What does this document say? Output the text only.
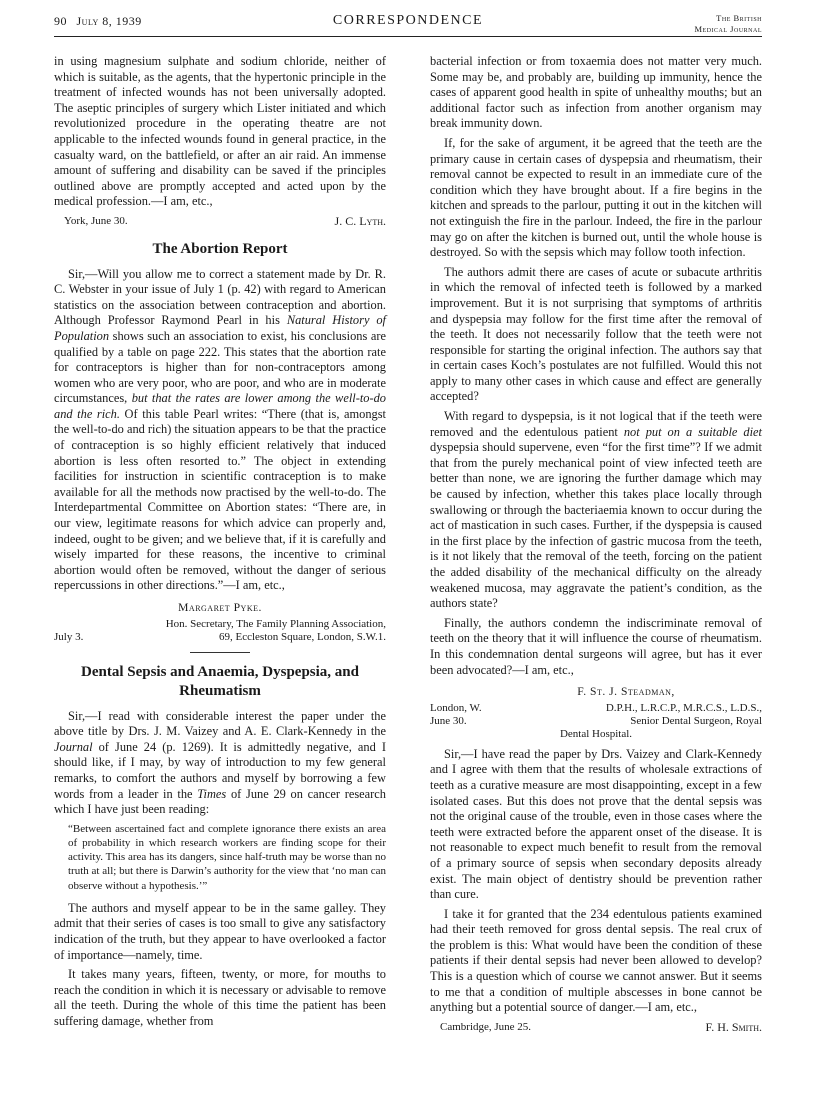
90 July 8, 1939	CORRESPONDENCE	The British
Medical Journal

in using magnesium sulphate and sodium chloride, neither of which is suitable, as the agents, that the hypertonic principle in the treatment of infected wounds has not been universally adopted. The aseptic principles of surgery which Lister initiated and which revolutionized procedure in the operating theatre are not applicable to the infected wounds found in general practice, in the casualty ward, on the battlefield, or after an air raid. An immense amount of suffering and disability can be saved if the principles outlined above are promptly accepted and acted upon by the medical profession.—I am, etc.,

York, June 30.	J. C. Lyth.
The Abortion Report

Sir,—Will you allow me to correct a statement made by Dr. R. C. Webster in your issue of July 1 (p. 42) with regard to American statistics on the association between contraception and abortion. Although Professor Raymond Pearl in his Natural History of Population shows such an association to exist, his conclusions are qualified by a table on page 222. This states that the abortion rate for contraceptors is higher than for non-contraceptors among women who are very poor, who are poor, and who are in moderate circumstances, but that the rates are lower among the well-to-do and the rich. Of this table Pearl writes: “There (that is, amongst the well-to-do and rich) the situation appears to be that the practice of contraception is so highly efficient relatively that induced abortion is less often resorted to.” The object in extending facilities for instruction in scientific contraception is to make available for all the methods now practised by the well-to-do. The Interdepartmental Committee on Abortion states: “There are, in our view, legitimate reasons for which advice can properly and, indeed, ought to be given; and we believe that, if it is carefully and wisely imparted for these reasons, the incentive to criminal abortion would often be removed, without the danger of serious repercussions in other directions.”—I am, etc.,

Margaret Pyke.
Hon. Secretary, The Family Planning Association,
July 3.	69, Eccleston Square, London, S.W.1.
Dental Sepsis and Anaemia, Dyspepsia, and Rheumatism

Sir,—I read with considerable interest the paper under the above title by Drs. J. M. Vaizey and A. E. Clark-Kennedy in the Journal of June 24 (p. 1269). It is admittedly negative, and I should like, if I may, by way of introduction to my few general remarks, to comfort the authors and myself by borrowing a few words from a leader in the Times of June 29 on cancer research which I have just been reading:

“Between ascertained fact and complete ignorance there exists an area of probability in which research workers are finding scope for their activity. This area has its dangers, since half-truth may be worse than no truth at all; but there is Darwin’s authority for the view that ‘no man can observe without a hypothesis.’”

The authors and myself appear to be in the same galley. They admit that their series of cases is too small to give any satisfactory indication of the truth, but they appear to have overlooked a factor of importance—namely, time.

It takes many years, fifteen, twenty, or more, for mouths to reach the condition in which it is necessary or advisable to remove all the teeth. During the whole of this time the patient has been suffering damage, whether from

bacterial infection or from toxaemia does not matter very much. Some may be, and probably are, building up immunity, hence the cases of apparent good health in spite of unhealthy mouths; but an additional factor such as infection from another organism may break immunity down.

If, for the sake of argument, it be agreed that the teeth are the primary cause in certain cases of dyspepsia and rheumatism, their removal cannot be expected to result in an immediate cure of the condition which they have brought about. If a fire begins in the kitchen and spreads to the parlour, putting it out in the kitchen will not extinguish the fire in the parlour. Indeed, the fire in the parlour may go on after the kitchen is burned out, until the whole house is destroyed. So with the sepsis which may follow tooth infection.

The authors admit there are cases of acute or subacute arthritis in which the removal of infected teeth is followed by a marked improvement. But it is not surprising that symptoms of arthritis and dyspepsia may follow for the first time after the removal of the teeth. It does not necessarily follow that the teeth were not responsible for starting the original infection. The authors say that in certain cases Koch’s postulates are not fulfilled. Would this not apply to many other cases in which cause and effect are generally accepted?

With regard to dyspepsia, is it not logical that if the teeth were removed and the edentulous patient not put on a suitable diet dyspepsia should supervene, even “for the first time”? If we admit that from the purely mechanical point of view infected teeth are better than none, we are ignoring the further damage which may be caused by infection, whether this takes place locally through swallowing or through the bacteriaemia known to occur during the act of mastication in such cases. Further, if the dyspepsia is caused in the first place by the infection of gastric mucosa from the teeth, is it not likely that the removal of the teeth, forcing on the patient the added disability of the mechanical difficulty on the already weakened mucosa, may aggravate the patient’s condition, as the authors state?

Finally, the authors condemn the indiscriminate removal of teeth on the theory that it will influence the course of rheumatism. In this condemnation dental surgeons will agree, but has it ever been advocated?—I am, etc.,

F. St. J. Steadman,
London, W.	D.P.H., L.R.C.P., M.R.C.S., L.D.S.,
June 30.	Senior Dental Surgeon, Royal
Dental Hospital.

Sir,—I have read the paper by Drs. Vaizey and Clark-Kennedy and I agree with them that the results of wholesale extractions of teeth as a curative measure are most disappointing, except in a few isolated cases. But this does not prove that the dental sepsis was not the original cause of the trouble, even in those cases where the teeth were extracted before the apparent onset of the disease. It is not reasonable to expect much benefit to result from the removal of a primary source of sepsis when secondary deposits already exist. The main object of dentistry should be prevention rather than cure.

I take it for granted that the 234 edentulous patients examined had their teeth removed for gross dental sepsis. The real crux of the problem is this: What would have been the condition of these patients if their dental sepsis had never been allowed to develop? This is a question which of course we cannot answer. But it seems to me that a condition of multiple abscesses in bone cannot be anything but a potential source of danger.—I am, etc.,

Cambridge, June 25.	F. H. Smith.
